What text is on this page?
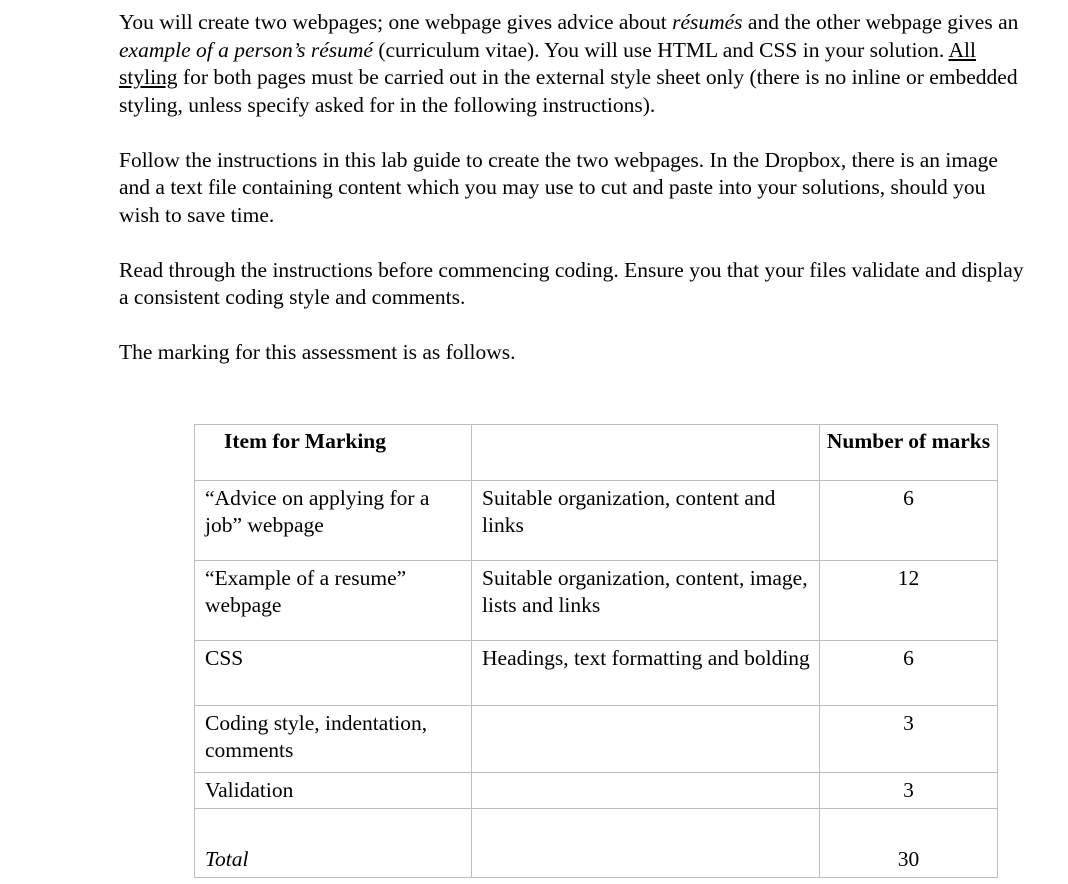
You will create two webpages; one webpage gives advice about résumés and the other webpage gives an example of a person’s résumé (curriculum vitae). You will use HTML and CSS in your solution. All styling for both pages must be carried out in the external style sheet only (there is no inline or embedded styling, unless specify asked for in the following instructions).

Follow the instructions in this lab guide to create the two webpages. In the Dropbox, there is an image and a text file containing content which you may use to cut and paste into your solutions, should you wish to save time.

Read through the instructions before commencing coding. Ensure you that your files validate and display a consistent coding style and comments.

The marking for this assessment is as follows.

Item for Marking		Number of marks
“Advice on applying for a job” webpage	Suitable organization, content and links	6
“Example of a resume” webpage	Suitable organization, content, image, lists and links	12
CSS	Headings, text formatting and bolding	6
Coding style, indentation, comments		3
Validation		3
Total		30
